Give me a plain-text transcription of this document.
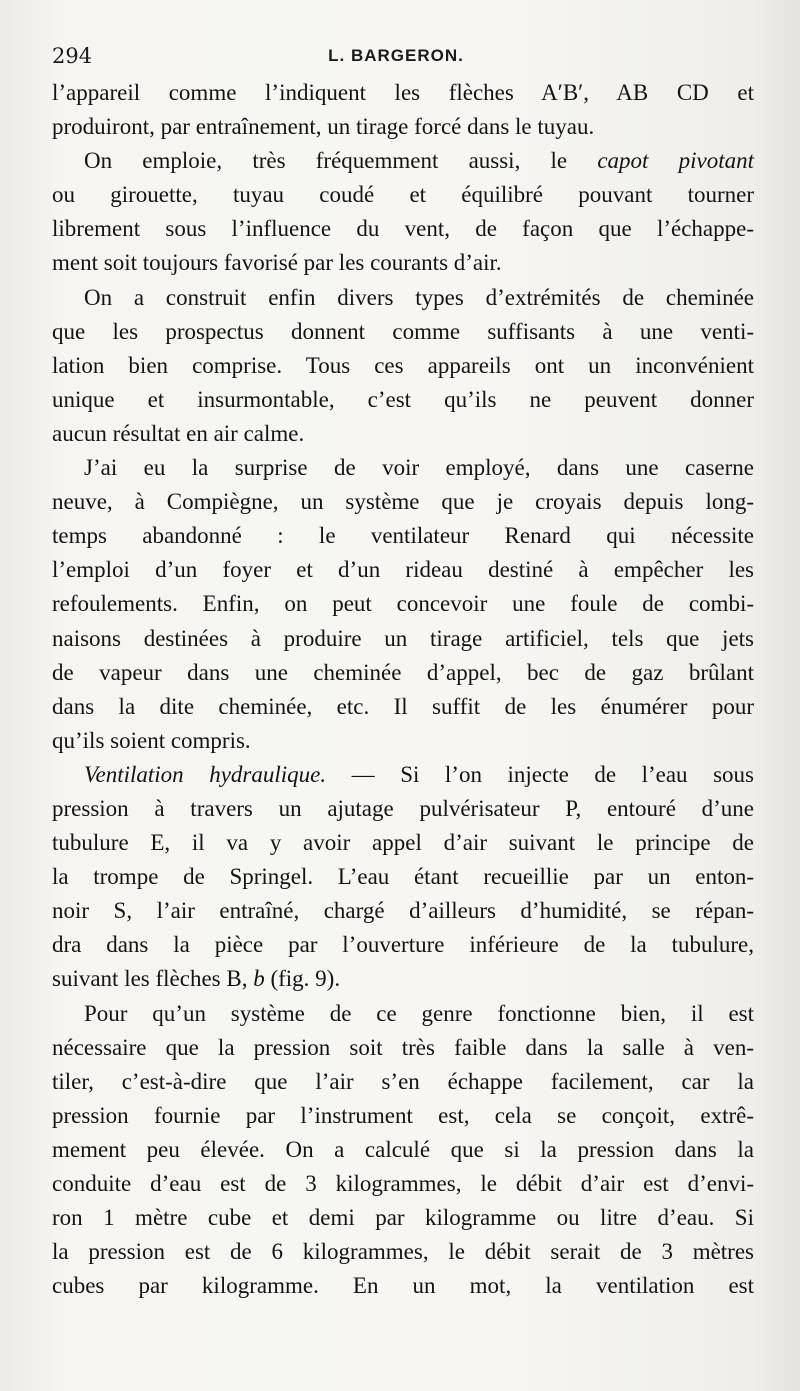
294	L. BARGERON.

l’appareil comme l’indiquent les flèches A′B′, AB CD et
produiront, par entraînement, un tirage forcé dans le tuyau.

On emploie, très fréquemment aussi, le capot pivotant
ou girouette, tuyau coudé et équilibré pouvant tourner
librement sous l’influence du vent, de façon que l’échappe-
ment soit toujours favorisé par les courants d’air.

On a construit enfin divers types d’extrémités de cheminée
que les prospectus donnent comme suffisants à une venti-
lation bien comprise. Tous ces appareils ont un inconvénient
unique et insurmontable, c’est qu’ils ne peuvent donner
aucun résultat en air calme.

J’ai eu la surprise de voir employé, dans une caserne
neuve, à Compiègne, un système que je croyais depuis long-
temps abandonné : le ventilateur Renard qui nécessite
l’emploi d’un foyer et d’un rideau destiné à empêcher les
refoulements. Enfin, on peut concevoir une foule de combi-
naisons destinées à produire un tirage artificiel, tels que jets
de vapeur dans une cheminée d’appel, bec de gaz brûlant
dans la dite cheminée, etc. Il suffit de les énumérer pour
qu’ils soient compris.

Ventilation hydraulique. — Si l’on injecte de l’eau sous
pression à travers un ajutage pulvérisateur P, entouré d’une
tubulure E, il va y avoir appel d’air suivant le principe de
la trompe de Springel. L’eau étant recueillie par un enton-
noir S, l’air entraîné, chargé d’ailleurs d’humidité, se répan-
dra dans la pièce par l’ouverture inférieure de la tubulure,
suivant les flèches B, b (fig. 9).

Pour qu’un système de ce genre fonctionne bien, il est
nécessaire que la pression soit très faible dans la salle à ven-
tiler, c’est-à-dire que l’air s’en échappe facilement, car la
pression fournie par l’instrument est, cela se conçoit, extrê-
mement peu élevée. On a calculé que si la pression dans la
conduite d’eau est de 3 kilogrammes, le débit d’air est d’envi-
ron 1 mètre cube et demi par kilogramme ou litre d’eau. Si
la pression est de 6 kilogrammes, le débit serait de 3 mètres
cubes par kilogramme. En un mot, la ventilation est
